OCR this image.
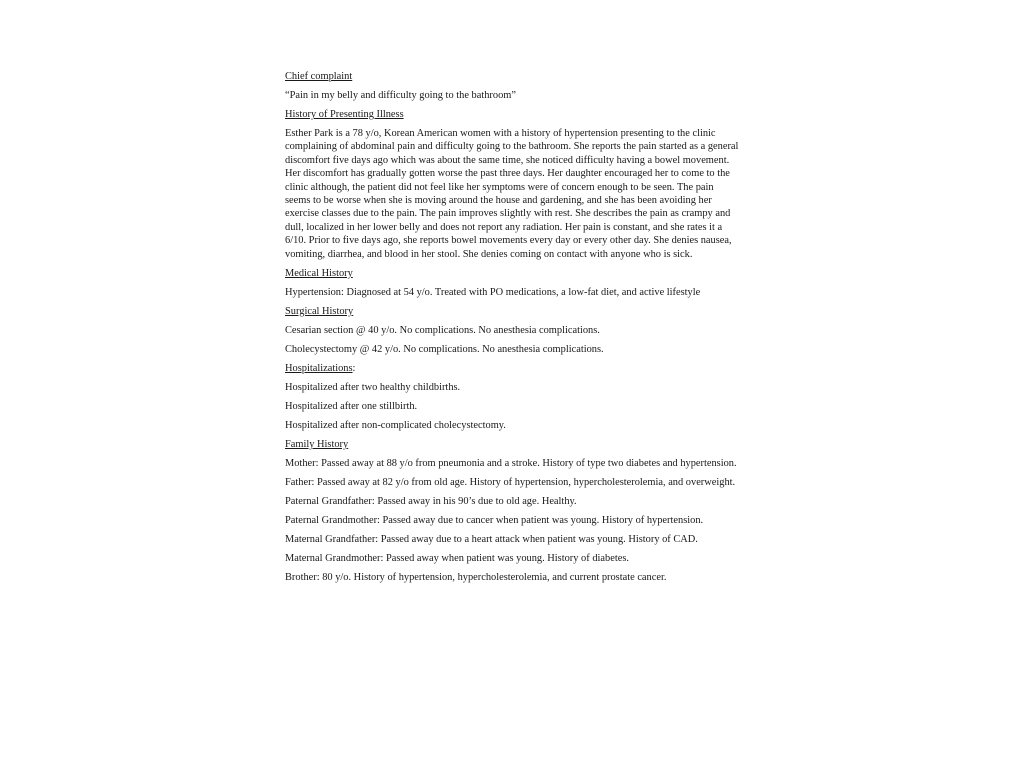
Chief complaint
“Pain in my belly and difficulty going to the bathroom”
History of Presenting Illness
Esther Park is a 78 y/o, Korean American women with a history of hypertension presenting to the clinic complaining of abdominal pain and difficulty going to the bathroom. She reports the pain started as a general discomfort five days ago which was about the same time, she noticed difficulty having a bowel movement. Her discomfort has gradually gotten worse the past three days. Her daughter encouraged her to come to the clinic although, the patient did not feel like her symptoms were of concern enough to be seen. The pain seems to be worse when she is moving around the house and gardening, and she has been avoiding her exercise classes due to the pain. The pain improves slightly with rest. She describes the pain as crampy and dull, localized in her lower belly and does not report any radiation. Her pain is constant, and she rates it a 6/10. Prior to five days ago, she reports bowel movements every day or every other day. She denies nausea, vomiting, diarrhea, and blood in her stool. She denies coming on contact with anyone who is sick.
Medical History
Hypertension: Diagnosed at 54 y/o. Treated with PO medications, a low-fat diet, and active lifestyle
Surgical History
Cesarian section @ 40 y/o. No complications. No anesthesia complications.
Cholecystectomy @ 42 y/o. No complications. No anesthesia complications.
Hospitalizations:
Hospitalized after two healthy childbirths.
Hospitalized after one stillbirth.
Hospitalized after non-complicated cholecystectomy.
Family History
Mother: Passed away at 88 y/o from pneumonia and a stroke. History of type two diabetes and hypertension.
Father: Passed away at 82 y/o from old age. History of hypertension, hypercholesterolemia, and overweight.
Paternal Grandfather: Passed away in his 90’s due to old age. Healthy.
Paternal Grandmother: Passed away due to cancer when patient was young. History of hypertension.
Maternal Grandfather: Passed away due to a heart attack when patient was young. History of CAD.
Maternal Grandmother: Passed away when patient was young. History of diabetes.
Brother: 80 y/o. History of hypertension, hypercholesterolemia, and current prostate cancer.
